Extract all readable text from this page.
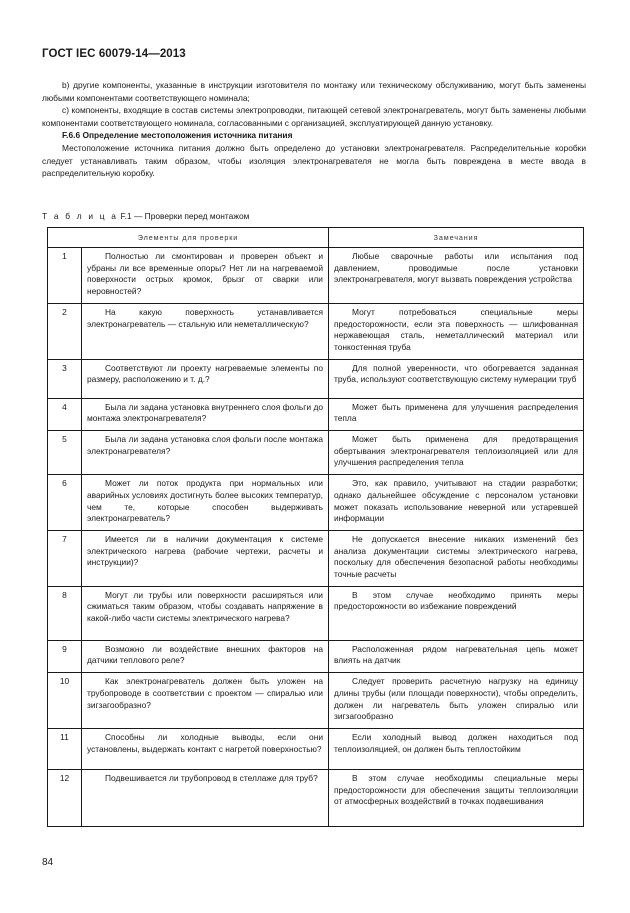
ГОСТ IEC 60079-14—2013

b) другие компоненты, указанные в инструкции изготовителя по монтажу или техническому обслуживанию, могут быть заменены любыми компонентами соответствующего номинала;

c) компоненты, входящие в состав системы электропроводки, питающей сетевой электронагреватель, могут быть заменены любыми компонентами соответствующего номинала, согласованными с организацией, эксплуатирующей данную установку.

F.6.6 Определение местоположения источника питания

Местоположение источника питания должно быть определено до установки электронагревателя. Распределительные коробки следует устанавливать таким образом, чтобы изоляция электронагревателя не могла быть повреждена в месте ввода в распределительную коробку.

Т а б л и ц а F.1 — Проверки перед монтажом
Элементы для проверки		Замечания
1	Полностью ли смонтирован и проверен объект и убраны ли все временные опоры? Нет ли на нагреваемой поверхности острых кромок, брызг от сварки или неровностей?	Любые сварочные работы или испытания под давлением, проводимые после установки электронагревателя, могут вызвать повреждения устройства
2	На какую поверхность устанавливается электронагреватель — стальную или неметаллическую?	Могут потребоваться специальные меры предосторожности, если эта поверхность — шлифованная нержавеющая сталь, неметаллический материал или тонкостенная труба
3	Соответствуют ли проекту нагреваемые элементы по размеру, расположению и т. д.?	Для полной уверенности, что обогревается заданная труба, используют соответствующую систему нумерации труб
4	Была ли задана установка внутреннего слоя фольги до монтажа электронагревателя?	Может быть применена для улучшения распределения тепла
5	Была ли задана установка слоя фольги после монтажа электронагревателя?	Может быть применена для предотвращения обертывания электронагревателя теплоизоляцией или для улучшения распределения тепла
6	Может ли поток продукта при нормальных или аварийных условиях достигнуть более высоких температур, чем те, которые способен выдерживать электронагреватель?	Это, как правило, учитывают на стадии разработки; однако дальнейшее обсуждение с персоналом установки может показать использование неверной или устаревшей информации
7	Имеется ли в наличии документация к системе электрического нагрева (рабочие чертежи, расчеты и инструкции)?	Не допускается внесение никаких изменений без анализа документации системы электрического нагрева, поскольку для обеспечения безопасной работы необходимы точные расчеты
8	Могут ли трубы или поверхности расширяться или сжиматься таким образом, чтобы создавать напряжение в какой-либо части системы электрического нагрева?	В этом случае необходимо принять меры предосторожности во избежание повреждений
9	Возможно ли воздействие внешних факторов на датчики теплового реле?	Расположенная рядом нагревательная цепь может влиять на датчик
10	Как электронагреватель должен быть уложен на трубопроводе в соответствии с проектом — спиралью или зигзагообразно?	Следует проверить расчетную нагрузку на единицу длины трубы (или площади поверхности), чтобы определить, должен ли нагреватель быть уложен спиралью или зигзагообразно
11	Способны ли холодные выводы, если они установлены, выдержать контакт с нагретой поверхностью?	Если холодный вывод должен находиться под теплоизоляцией, он должен быть теплостойким
12	Подвешивается ли трубопровод в стеллаже для труб?	В этом случае необходимы специальные меры предосторожности для обеспечения защиты теплоизоляции от атмосферных воздействий в точках подвешивания
84
